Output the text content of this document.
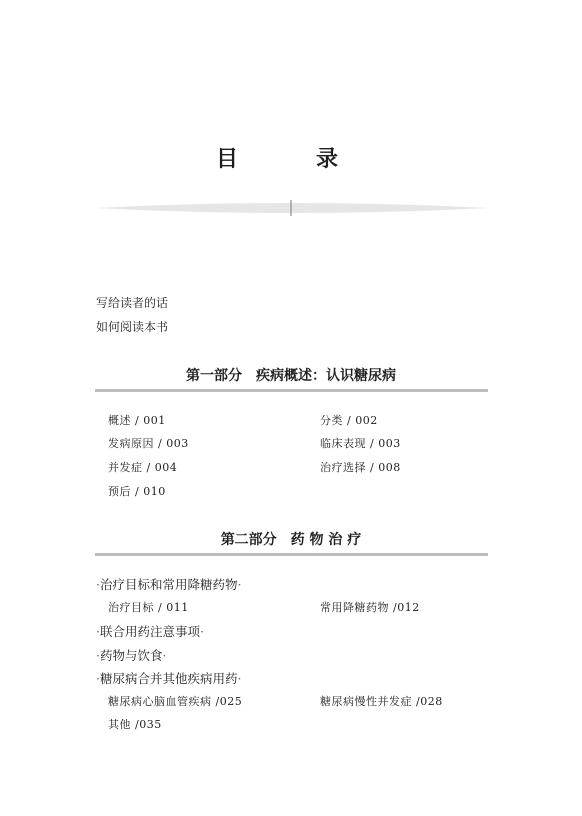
目　录
写给读者的话
如何阅读本书
第一部分　疾病概述：认识糖尿病
概述 / 001	分类 / 002
发病原因 / 003	临床表现 / 003
并发症 / 004	治疗选择 / 008
预后 / 010
第二部分　药 物 治 疗
·治疗目标和常用降糖药物·
治疗目标 / 011	常用降糖药物 /012
·联合用药注意事项·
·药物与饮食·
·糖尿病合并其他疾病用药·
糖尿病心脑血管疾病 /025	糖尿病慢性并发症 /028
其他 /035
